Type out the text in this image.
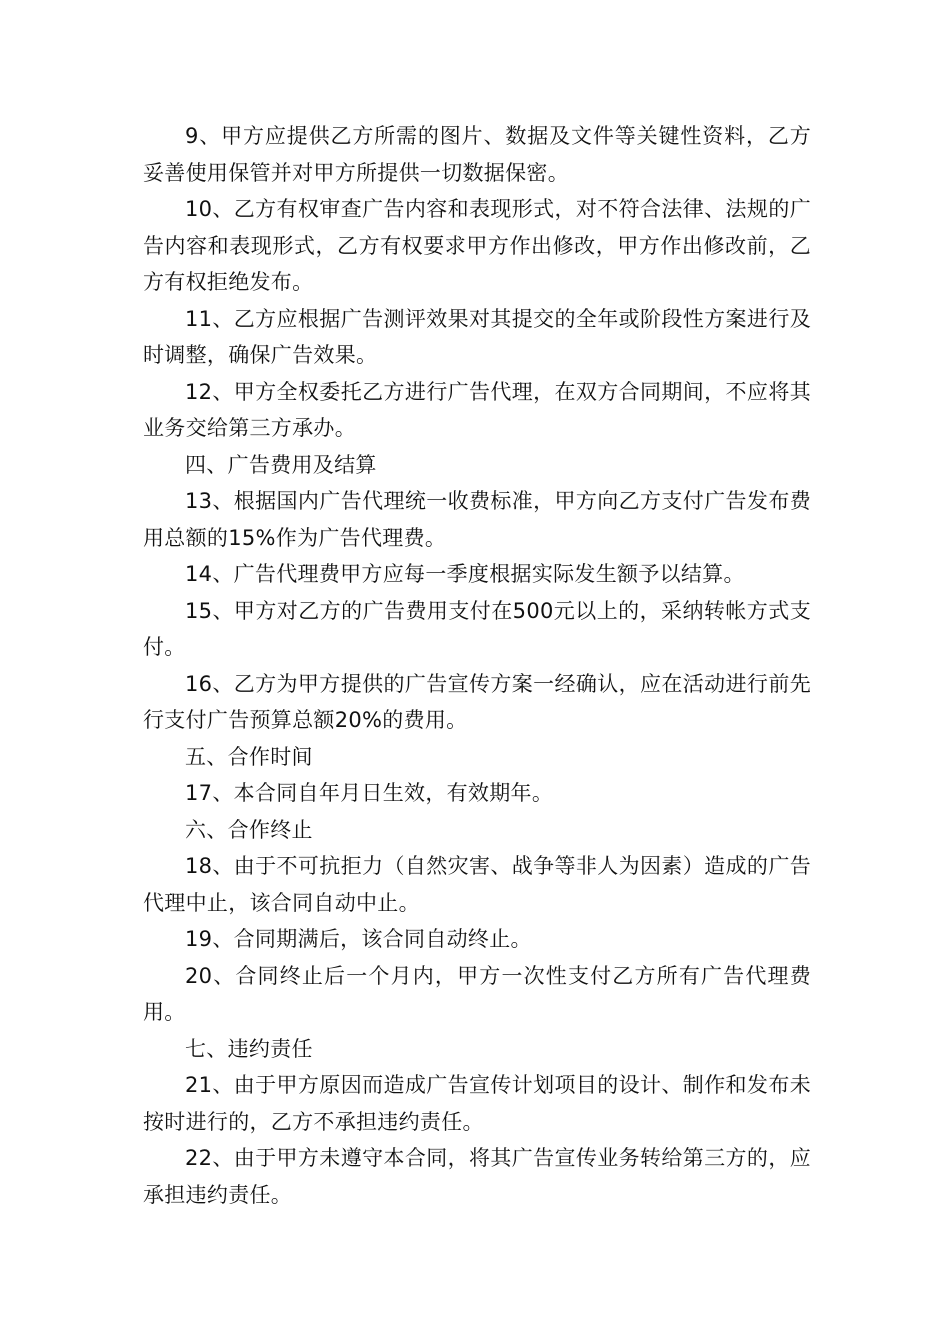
9、甲方应提供乙方所需的图片、数据及文件等关键性资料，乙方妥善使用保管并对甲方所提供一切数据保密。

10、乙方有权审查广告内容和表现形式，对不符合法律、法规的广告内容和表现形式，乙方有权要求甲方作出修改，甲方作出修改前，乙方有权拒绝发布。

11、乙方应根据广告测评效果对其提交的全年或阶段性方案进行及时调整，确保广告效果。

12、甲方全权委托乙方进行广告代理，在双方合同期间，不应将其业务交给第三方承办。

四、广告费用及结算

13、根据国内广告代理统一收费标准，甲方向乙方支付广告发布费用总额的15%作为广告代理费。

14、广告代理费甲方应每一季度根据实际发生额予以结算。

15、甲方对乙方的广告费用支付在500元以上的，采纳转帐方式支付。

16、乙方为甲方提供的广告宣传方案一经确认，应在活动进行前先行支付广告预算总额20%的费用。

五、合作时间

17、本合同自年月日生效，有效期年。

六、合作终止

18、由于不可抗拒力（自然灾害、战争等非人为因素）造成的广告代理中止，该合同自动中止。

19、合同期满后，该合同自动终止。

20、合同终止后一个月内，甲方一次性支付乙方所有广告代理费用。

七、违约责任

21、由于甲方原因而造成广告宣传计划项目的设计、制作和发布未按时进行的，乙方不承担违约责任。

22、由于甲方未遵守本合同，将其广告宣传业务转给第三方的，应承担违约责任。
